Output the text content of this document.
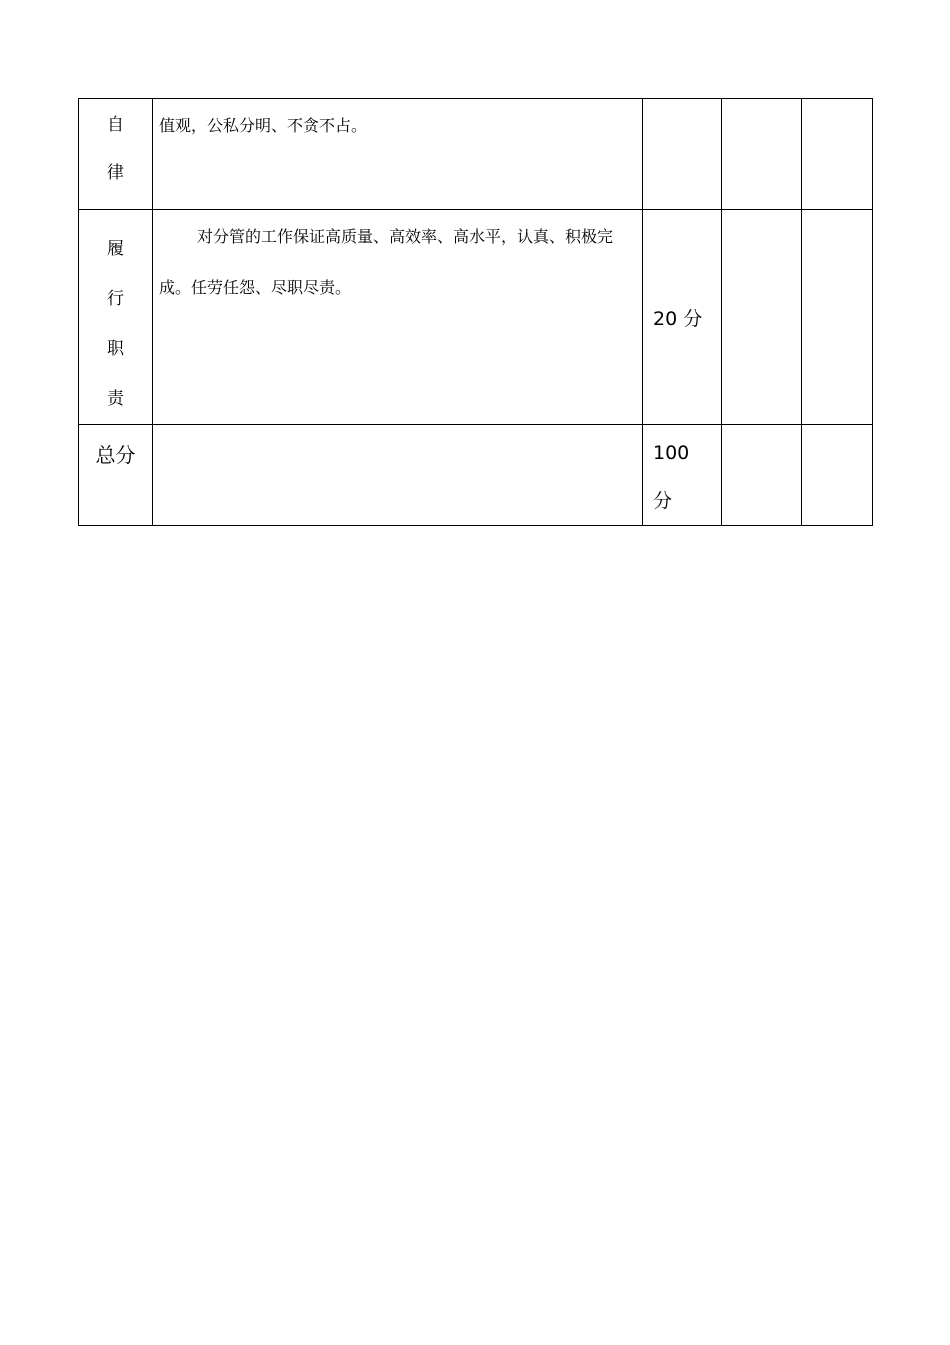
自
律	值观，公私分明、不贪不占。			

履
行
职
责	对分管的工作保证高质量、高效率、高水平，认真、积极完成。任劳任怨、尽职尽责。	20 分		

总分		100
分		
